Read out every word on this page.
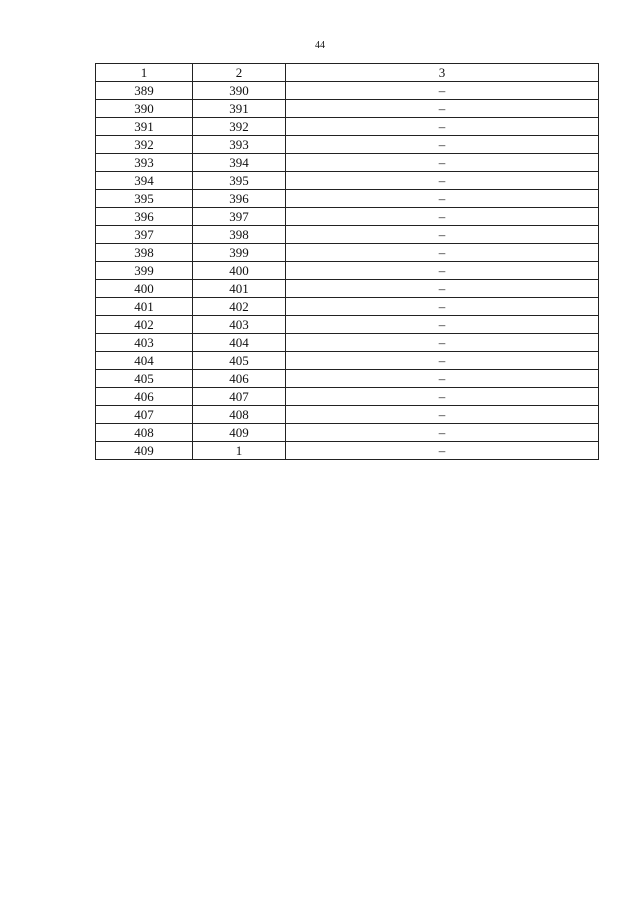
44
1	2	3
389	390	–
390	391	–
391	392	–
392	393	–
393	394	–
394	395	–
395	396	–
396	397	–
397	398	–
398	399	–
399	400	–
400	401	–
401	402	–
402	403	–
403	404	–
404	405	–
405	406	–
406	407	–
407	408	–
408	409	–
409	1	–
